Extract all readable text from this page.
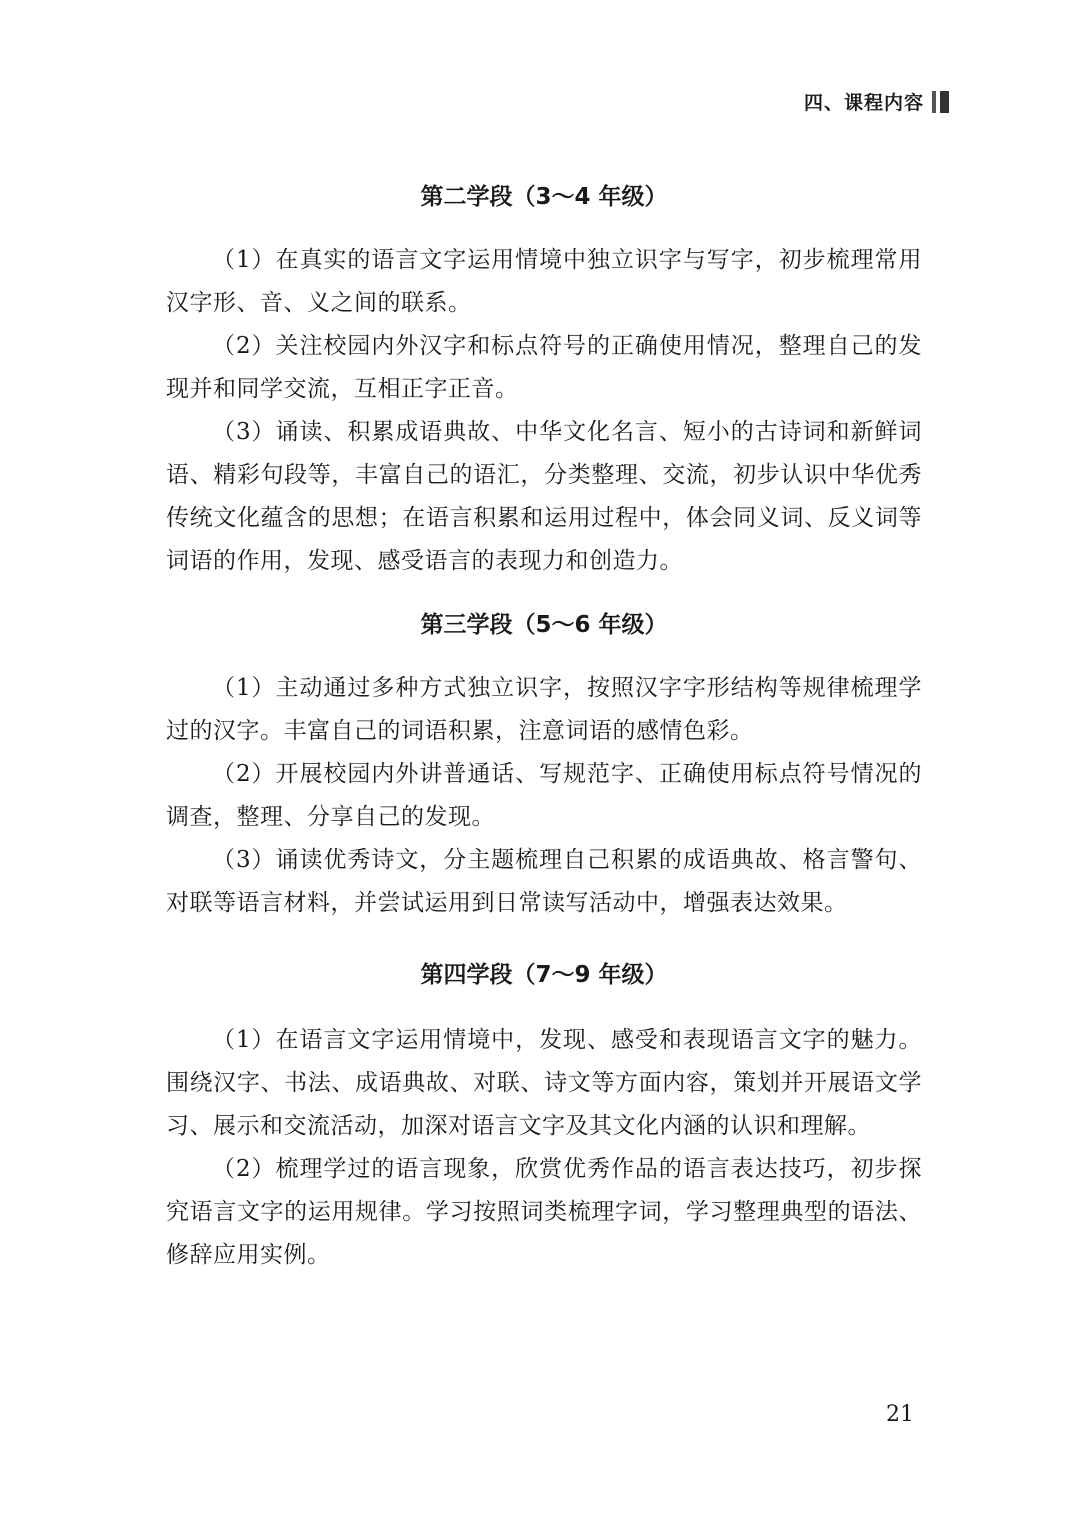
四、课程内容
第二学段（3～4 年级）

（1）在真实的语言文字运用情境中独立识字与写字，初步梳理常用汉字形、音、义之间的联系。

（2）关注校园内外汉字和标点符号的正确使用情况，整理自己的发现并和同学交流，互相正字正音。

（3）诵读、积累成语典故、中华文化名言、短小的古诗词和新鲜词语、精彩句段等，丰富自己的语汇，分类整理、交流，初步认识中华优秀传统文化蕴含的思想；在语言积累和运用过程中，体会同义词、反义词等词语的作用，发现、感受语言的表现力和创造力。

第三学段（5～6 年级）

（1）主动通过多种方式独立识字，按照汉字字形结构等规律梳理学过的汉字。丰富自己的词语积累，注意词语的感情色彩。

（2）开展校园内外讲普通话、写规范字、正确使用标点符号情况的调查，整理、分享自己的发现。

（3）诵读优秀诗文，分主题梳理自己积累的成语典故、格言警句、对联等语言材料，并尝试运用到日常读写活动中，增强表达效果。

第四学段（7～9 年级）

（1）在语言文字运用情境中，发现、感受和表现语言文字的魅力。围绕汉字、书法、成语典故、对联、诗文等方面内容，策划并开展语文学习、展示和交流活动，加深对语言文字及其文化内涵的认识和理解。

（2）梳理学过的语言现象，欣赏优秀作品的语言表达技巧，初步探究语言文字的运用规律。学习按照词类梳理字词，学习整理典型的语法、修辞应用实例。

21
